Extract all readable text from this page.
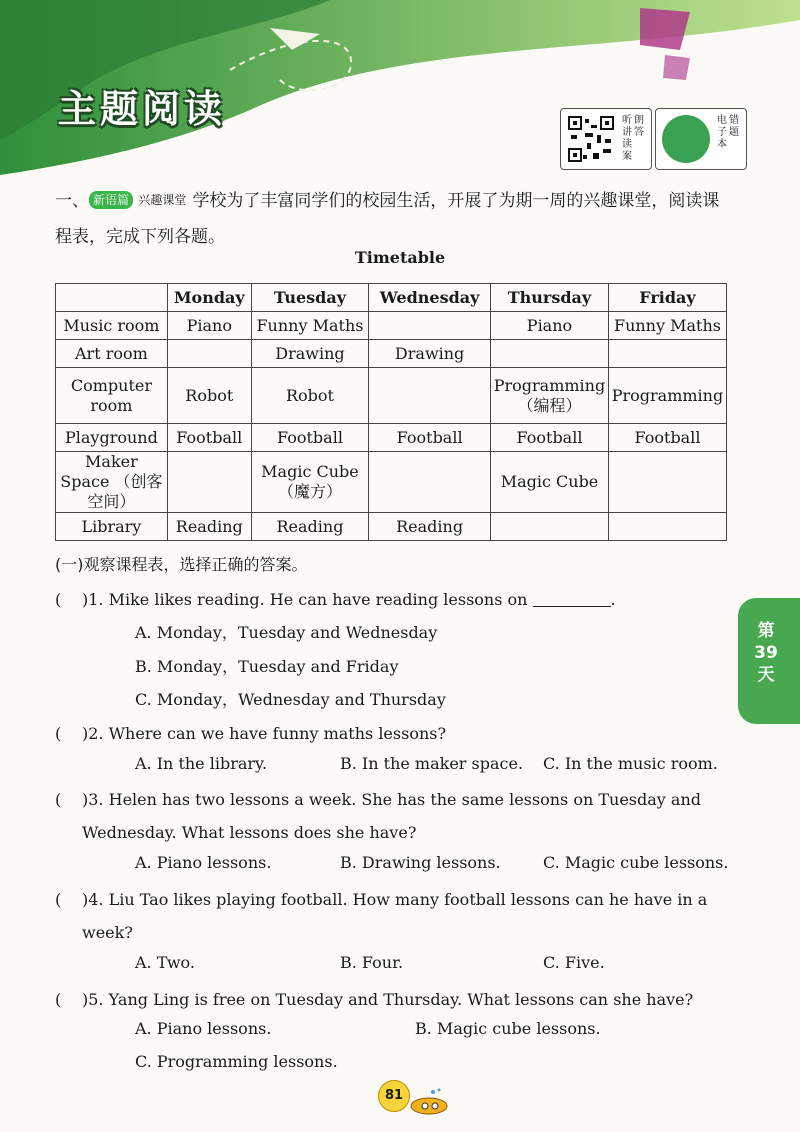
主题阅读	听讲
朗答
读案
电子
错题
本
一、 新语篇 兴趣课堂 学校为了丰富同学们的校园生活，开展了为期一周的兴趣课堂，阅读课程表，完成下列各题。
Timetable
	Monday	Tuesday	Wednesday	Thursday	Friday
Music room	Piano	Funny Maths		Piano	Funny Maths
Art room		Drawing	Drawing		
Computer room	Robot	Robot		Programming （编程）	Programming
Playground	Football	Football	Football	Football	Football
Maker Space （创客空间）		Magic Cube （魔方）		Magic Cube	
Library	Reading	Reading	Reading		
第39天
(一)观察课程表，选择正确的答案。
( )1. Mike likes reading. He can have reading lessons on	.
A. Monday，Tuesday and Wednesday
B. Monday，Tuesday and Friday
C. Monday，Wednesday and Thursday
( )2. Where can we have funny maths lessons?
A. In the library.	B. In the maker space. C. In the music room.
( )3. Helen has two lessons a week. She has the same lessons on Tuesday and Wednesday. What lessons does she have?
A. Piano lessons.	B. Drawing lessons.	C. Magic cube lessons.
( )4. Liu Tao likes playing football. How many football lessons can he have in a week?
A. Two.	B. Four.	C. Five.
( )5. Yang Ling is free on Tuesday and Thursday. What lessons can she have?
A. Piano lessons.	B. Magic cube lessons.
C. Programming lessons.
81
